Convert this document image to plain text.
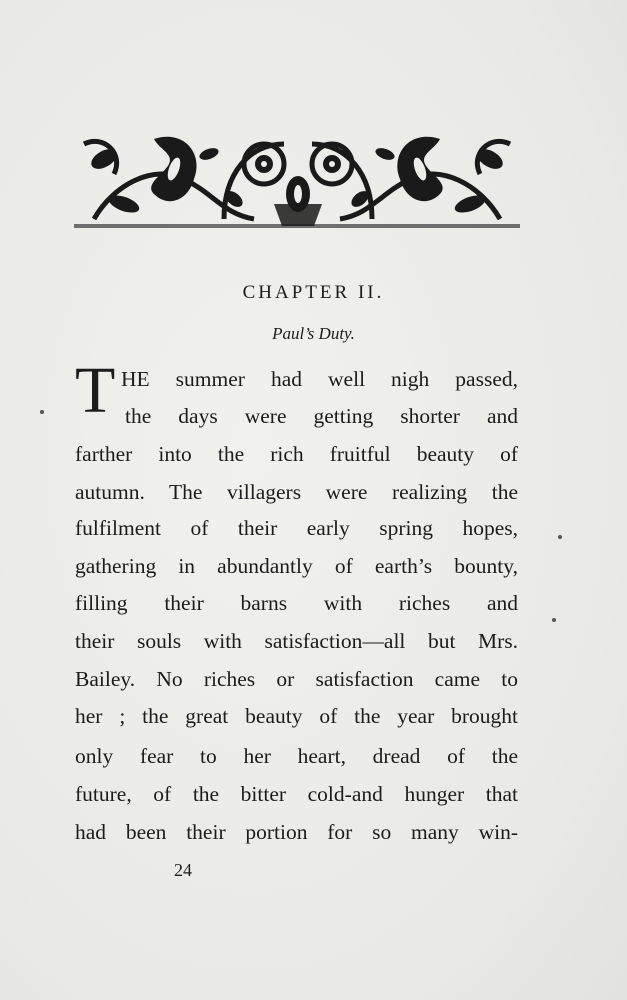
CHAPTER II.
Paul’s Duty.
T HE summer had well nigh passed,
the days were getting shorter and
farther into the rich fruitful beauty of
autumn. The villagers were realizing the
fulfilment of their early spring hopes,
gathering in abundantly of earth’s bounty,
filling their barns with riches and
their souls with satisfaction—all but Mrs.
Bailey. No riches or satisfaction came to
her ; the great beauty of the year brought
only fear to her heart, dread of the
future, of the bitter cold-and hunger that
had been their portion for so many win-
24
